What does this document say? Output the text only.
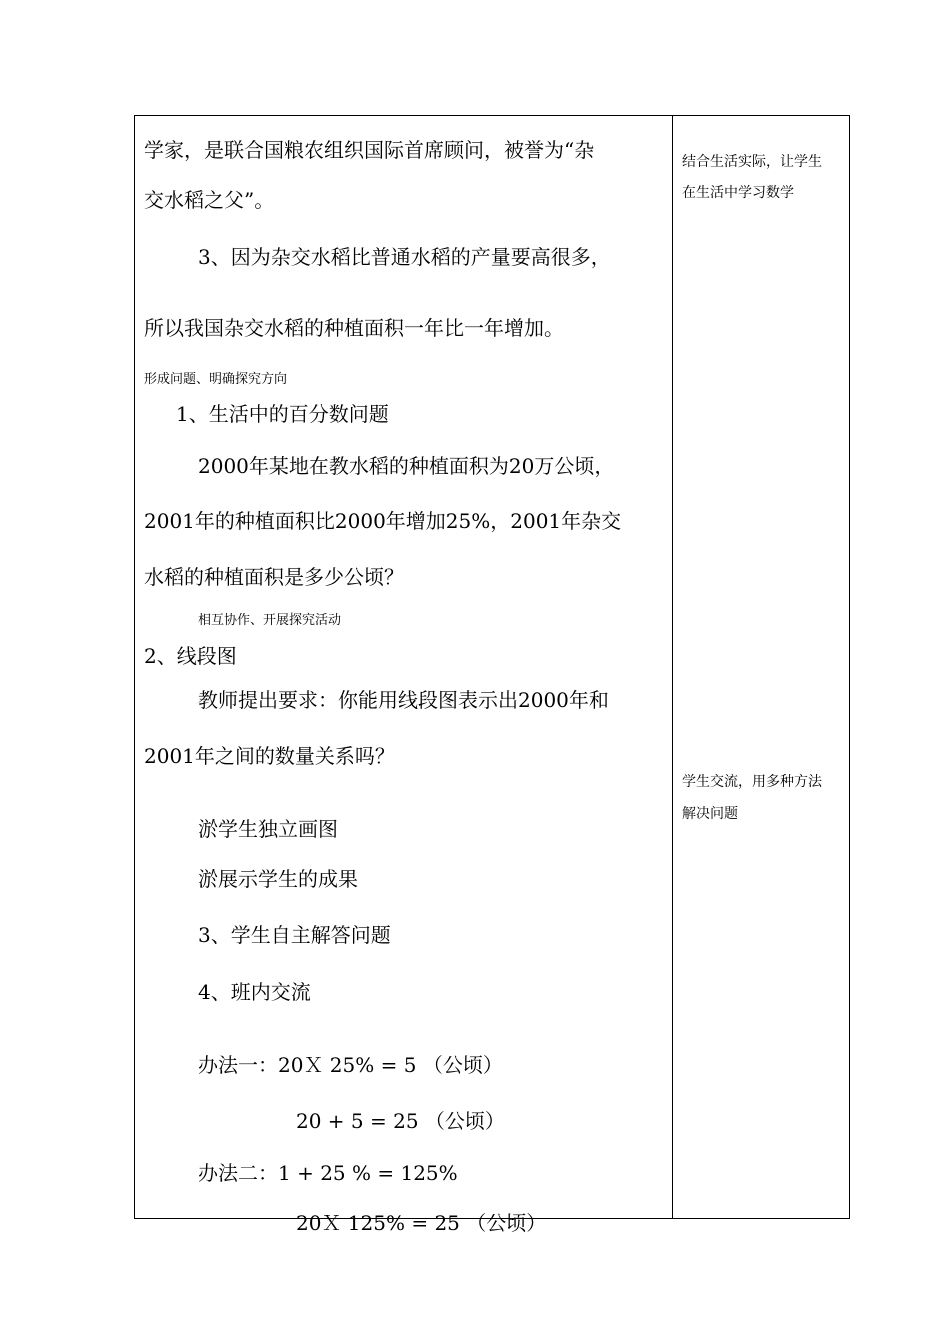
学家，是联合国粮农组织国际首席顾问，被誉为“杂
交水稻之父”。
3、因为杂交水稻比普通水稻的产量要高很多，
所以我国杂交水稻的种植面积一年比一年增加。
形成问题、明确探究方向
1、生活中的百分数问题
2000年某地在教水稻的种植面积为20万公顷，
2001年的种植面积比2000年增加25%，2001年杂交
水稻的种植面积是多少公顷？
相互协作、开展探究活动
2、线段图
教师提出要求：你能用线段图表示出2000年和
2001年之间的数量关系吗？
淤学生独立画图
淤展示学生的成果
3、学生自主解答问题
4、班内交流
办法一：20Ｘ 25% = 5 （公顷）
20 + 5 = 25 （公顷）
办法二：1 + 25 % = 125%
20Ｘ 125% = 25 （公顷）
结合生活实际，让学生
在生活中学习数学
学生交流，用多种方法
解决问题
